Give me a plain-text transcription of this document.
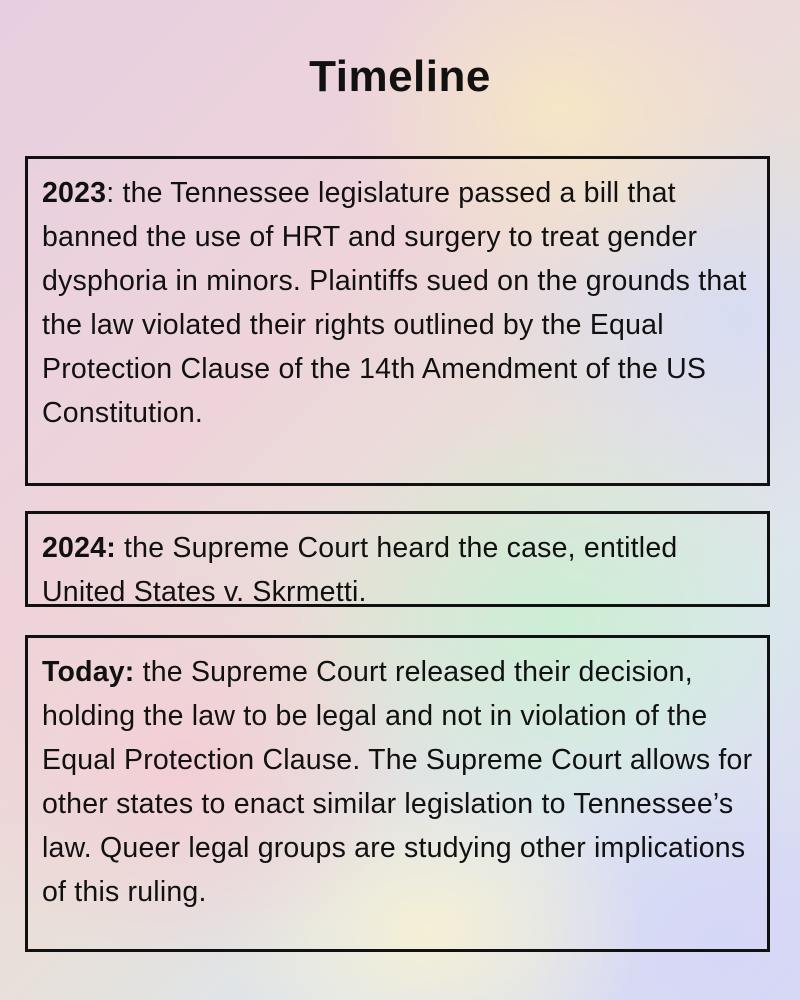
Timeline
2023: the Tennessee legislature passed a bill that banned the use of HRT and surgery to treat gender dysphoria in minors. Plaintiffs sued on the grounds that the law violated their rights outlined by the Equal Protection Clause of the 14th Amendment of the US Constitution.
2024: the Supreme Court heard the case, entitled United States v. Skrmetti.
Today: the Supreme Court released their decision, holding the law to be legal and not in violation of the Equal Protection Clause. The Supreme Court allows for other states to enact similar legislation to Tennessee’s law. Queer legal groups are studying other implications of this ruling.
